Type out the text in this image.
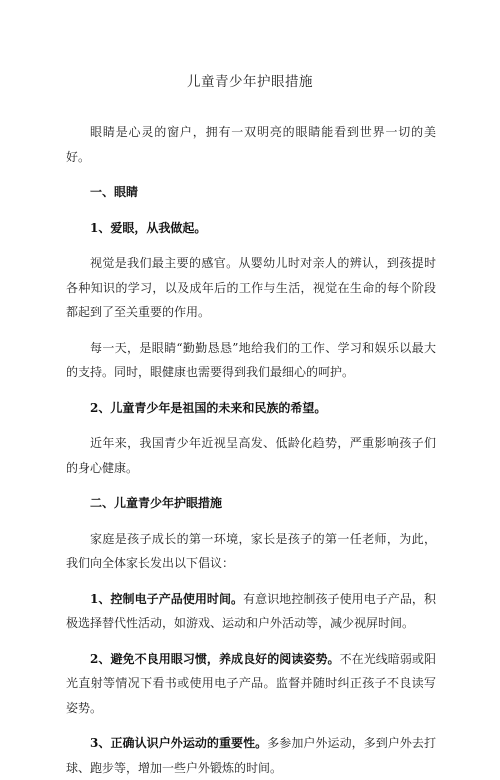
儿童青少年护眼措施

眼睛是心灵的窗户，拥有一双明亮的眼睛能看到世界一切的美好。

一、眼睛

1、爱眼，从我做起。

视觉是我们最主要的感官。从婴幼儿时对亲人的辨认，到孩提时各种知识的学习，以及成年后的工作与生活，视觉在生命的每个阶段都起到了至关重要的作用。

每一天，是眼睛“勤勤恳恳”地给我们的工作、学习和娱乐以最大的支持。同时，眼健康也需要得到我们最细心的呵护。

2、儿童青少年是祖国的未来和民族的希望。

近年来，我国青少年近视呈高发、低龄化趋势，严重影响孩子们的身心健康。

二、儿童青少年护眼措施

家庭是孩子成长的第一环境，家长是孩子的第一任老师，为此，我们向全体家长发出以下倡议：

1、控制电子产品使用时间。有意识地控制孩子使用电子产品，积极选择替代性活动，如游戏、运动和户外活动等，减少视屏时间。

2、避免不良用眼习惯，养成良好的阅读姿势。不在光线暗弱或阳光直射等情况下看书或使用电子产品。监督并随时纠正孩子不良读写姿势。

3、正确认识户外运动的重要性。多参加户外运动，多到户外去打球、跑步等，增加一些户外锻炼的时间。
